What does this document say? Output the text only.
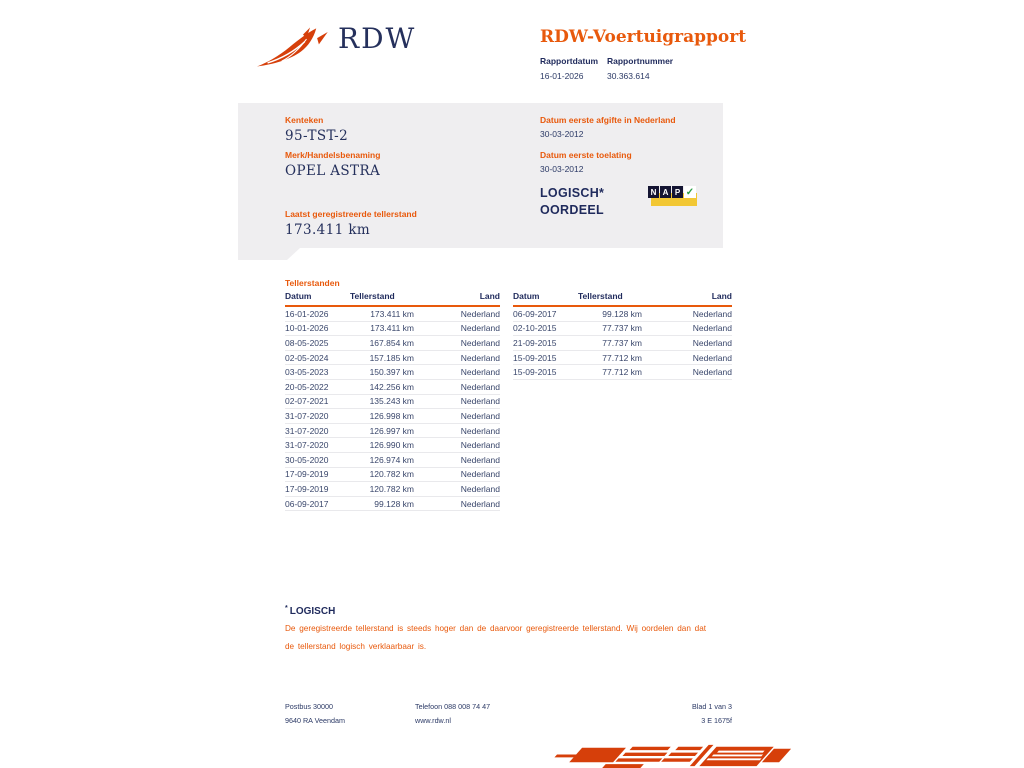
RDW	RDW-Voertuigrapport
Rapportdatum
16-01-2026
Rapportnummer
30.363.614
Kenteken
95-TST-2
Merk/Handelsbenaming
OPEL ASTRA
Laatst geregistreerde tellerstand
173.411 km
Datum eerste afgifte in Nederland
30-03-2012
Datum eerste toelating
30-03-2012
LOGISCH*
OORDEEL
N A P ✓
Tellerstanden
Datum	Tellerstand	Land
16-01-2026	173.411 km	Nederland
10-01-2026	173.411 km	Nederland
08-05-2025	167.854 km	Nederland
02-05-2024	157.185 km	Nederland
03-05-2023	150.397 km	Nederland
20-05-2022	142.256 km	Nederland
02-07-2021	135.243 km	Nederland
31-07-2020	126.998 km	Nederland
31-07-2020	126.997 km	Nederland
31-07-2020	126.990 km	Nederland
30-05-2020	126.974 km	Nederland
17-09-2019	120.782 km	Nederland
17-09-2019	120.782 km	Nederland
06-09-2017	99.128 km	Nederland
Datum	Tellerstand	Land
06-09-2017	99.128 km	Nederland
02-10-2015	77.737 km	Nederland
21-09-2015	77.737 km	Nederland
15-09-2015	77.712 km	Nederland
15-09-2015	77.712 km	Nederland
* LOGISCH
De geregistreerde tellerstand is steeds hoger dan de daarvoor geregistreerde tellerstand. Wij oordelen dan dat de tellerstand logisch verklaarbaar is.
Postbus 30000
9640 RA Veendam
Telefoon 088 008 74 47
www.rdw.nl
Blad 1 van 3
3 E 1675f
